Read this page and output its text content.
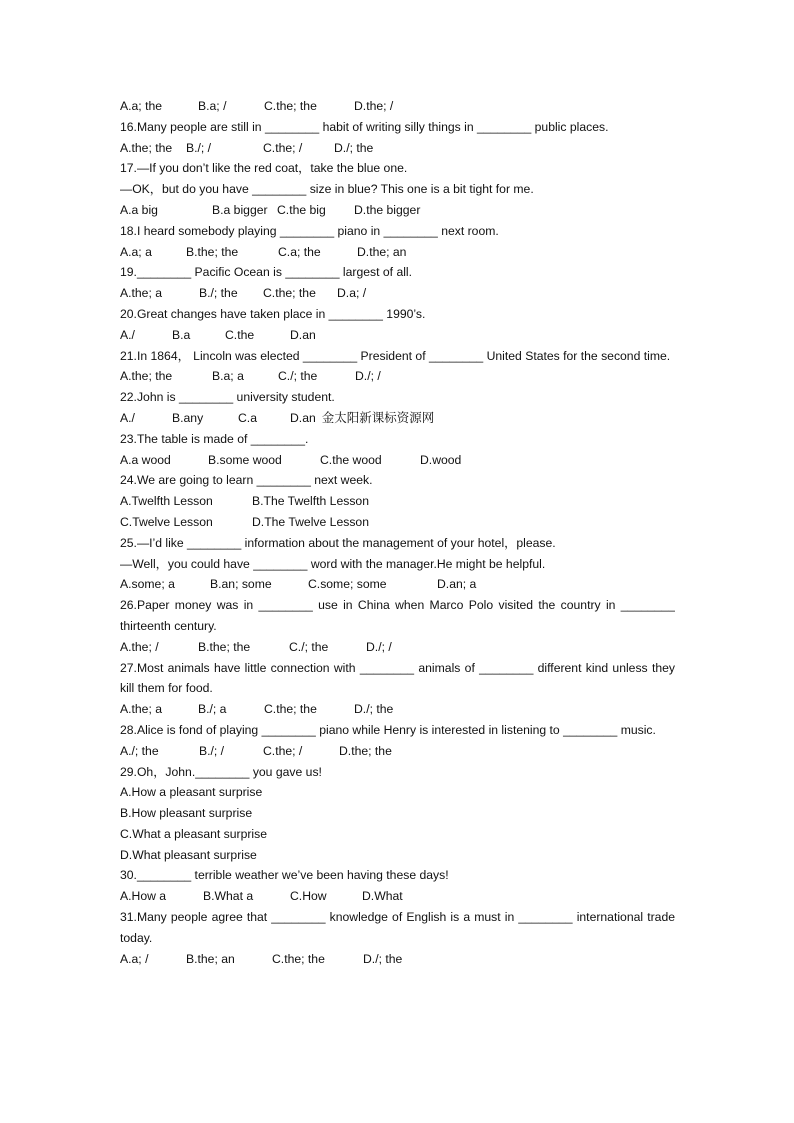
A.a; the	B.a; /	C.the; the	D.the; /
16.Many people are still in ________ habit of writing silly things in ________ public places.
A.the; the	B./; /	C.the; /	D./; the
17.—If you don’t like the red coat，take the blue one.
—OK，but do you have ________ size in blue? This one is a bit tight for me.
A.a big	B.a bigger C.the big	D.the bigger
18.I heard somebody playing ________ piano in ________ next room.
A.a; a	B.the; the	C.a; the	D.the; an
19.________ Pacific Ocean is ________ largest of all.
A.the; a	B./; the	C.the; the	D.a; /
20.Great changes have taken place in ________ 1990’s.
A./	B.a	C.the	D.an
21.In 1864， Lincoln was elected ________ President of ________ United States for the second time.
A.the; the	B.a; a	C./; the	D./; /
22.John is ________ university student.
A./	B.any	C.a	D.an 金太阳新课标资源网
23.The table is made of ________.
A.a wood	B.some wood	C.the wood	D.wood
24.We are going to learn ________ next week.
A.Twelfth Lesson	B.The Twelfth Lesson
C.Twelve Lesson	D.The Twelve Lesson
25.—I’d like ________ information about the management of your hotel，please.
—Well，you could have ________ word with the manager.He might be helpful.
A.some; a	B.an; some	C.some; some	D.an; a
26.Paper money was in ________ use in China when Marco Polo visited the country in ________ thirteenth century.
A.the; /	B.the; the	C./; the	D./; /
27.Most animals have little connection with ________ animals of ________ different kind unless they kill them for food.
A.the; a	B./; a	C.the; the	D./; the
28.Alice is fond of playing ________ piano while Henry is interested in listening to ________ music.
A./; the	B./; /	C.the; /	D.the; the
29.Oh，John.________ you gave us!
A.How a pleasant surprise
B.How pleasant surprise
C.What a pleasant surprise
D.What pleasant surprise
30.________ terrible weather we’ve been having these days!
A.How a	B.What a	C.How	D.What
31.Many people agree that ________ knowledge of English is a must in ________ international trade today.
A.a; /	B.the; an	C.the; the	D./; the
